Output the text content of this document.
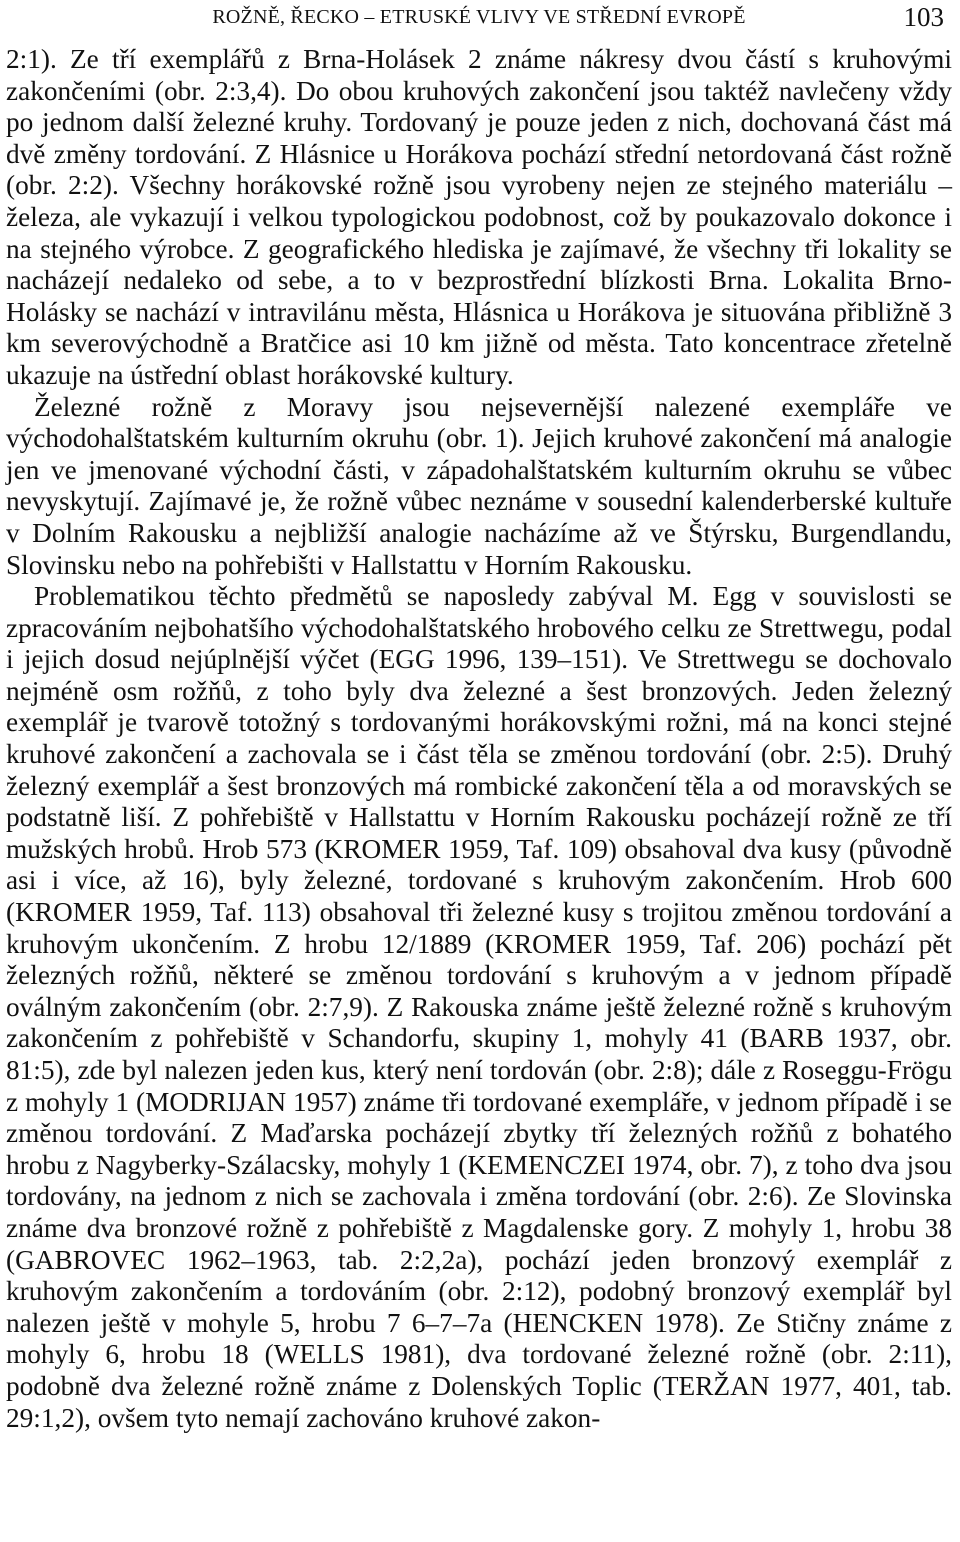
ROŽNĚ, ŘECKO – ETRUSKÉ VLIVY VE STŘEDNÍ EVROPĚ	103

2:1). Ze tří exemplářů z Brna-Holásek 2 známe nákresy dvou částí s kruhovými zakončeními (obr. 2:3,4). Do obou kruhových zakončení jsou taktéž navlečeny vždy po jednom další železné kruhy. Tordovaný je pouze jeden z nich, dochovaná část má dvě změny tordování. Z Hlásnice u Horákova pochází střední netordovaná část rožně (obr. 2:2). Všechny horákovské rožně jsou vyrobeny nejen ze stejného materiálu – železa, ale vykazují i velkou typologickou podobnost, což by poukazovalo dokonce i na stejného výrobce. Z geografického hlediska je zajímavé, že všechny tři lokality se nacházejí nedaleko od sebe, a to v bezprostřední blízkosti Brna. Lokalita Brno-Holásky se nachází v intravilánu města, Hlásnica u Horákova je situována přibližně 3 km severovýchodně a Bratčice asi 10 km jižně od města. Tato koncentrace zřetelně ukazuje na ústřední oblast horákovské kultury.

Železné rožně z Moravy jsou nejsevernější nalezené exempláře ve východohalštatském kulturním okruhu (obr. 1). Jejich kruhové zakončení má analogie jen ve jmenované východní části, v západohalštatském kulturním okruhu se vůbec nevyskytují. Zajímavé je, že rožně vůbec neznáme v sousední kalenderberské kultuře v Dolním Rakousku a nejbližší analogie nacházíme až ve Štýrsku, Burgendlandu, Slovinsku nebo na pohřebišti v Hallstattu v Horním Rakousku.

Problematikou těchto předmětů se naposledy zabýval M. Egg v souvislosti se zpracováním nejbohatšího východohalštatského hrobového celku ze Strettwegu, podal i jejich dosud nejúplnější výčet (EGG 1996, 139–151). Ve Strettwegu se dochovalo nejméně osm rožňů, z toho byly dva železné a šest bronzových. Jeden železný exemplář je tvarově totožný s tordovanými horákovskými rožni, má na konci stejné kruhové zakončení a zachovala se i část těla se změnou tordování (obr. 2:5). Druhý železný exemplář a šest bronzových má rombické zakončení těla a od moravských se podstatně liší. Z pohřebiště v Hallstattu v Horním Rakousku pocházejí rožně ze tří mužských hrobů. Hrob 573 (KROMER 1959, Taf. 109) obsahoval dva kusy (původně asi i více, až 16), byly železné, tordované s kruhovým zakončením. Hrob 600 (KROMER 1959, Taf. 113) obsahoval tři železné kusy s trojitou změnou tordování a kruhovým ukončením. Z hrobu 12/1889 (KROMER 1959, Taf. 206) pochází pět železných rožňů, některé se změnou tordování s kruhovým a v jednom případě oválným zakončením (obr. 2:7,9). Z Rakouska známe ještě železné rožně s kruhovým zakončením z pohřebiště v Schandorfu, skupiny 1, mohyly 41 (BARB 1937, obr. 81:5), zde byl nalezen jeden kus, který není tordován (obr. 2:8); dále z Roseggu-Frögu z mohyly 1 (MODRIJAN 1957) známe tři tordované exempláře, v jednom případě i se změnou tordování. Z Maďarska pocházejí zbytky tří železných rožňů z bohatého hrobu z Nagyberky-Szálacsky, mohyly 1 (KEMENCZEI 1974, obr. 7), z toho dva jsou tordovány, na jednom z nich se zachovala i změna tordování (obr. 2:6). Ze Slovinska známe dva bronzové rožně z pohřebiště z Magdalenske gory. Z mohyly 1, hrobu 38 (GABROVEC 1962–1963, tab. 2:2,2a), pochází jeden bronzový exemplář z kruhovým zakončením a tordováním (obr. 2:12), podobný bronzový exemplář byl nalezen ještě v mohyle 5, hrobu 7 6–7–7a (HENCKEN 1978). Ze Stičny známe z mohyly 6, hrobu 18 (WELLS 1981), dva tordované železné rožně (obr. 2:11), podobně dva železné rožně známe z Dolenských Toplic (TERŽAN 1977, 401, tab. 29:1,2), ovšem tyto nemají zachováno kruhové zakon-
